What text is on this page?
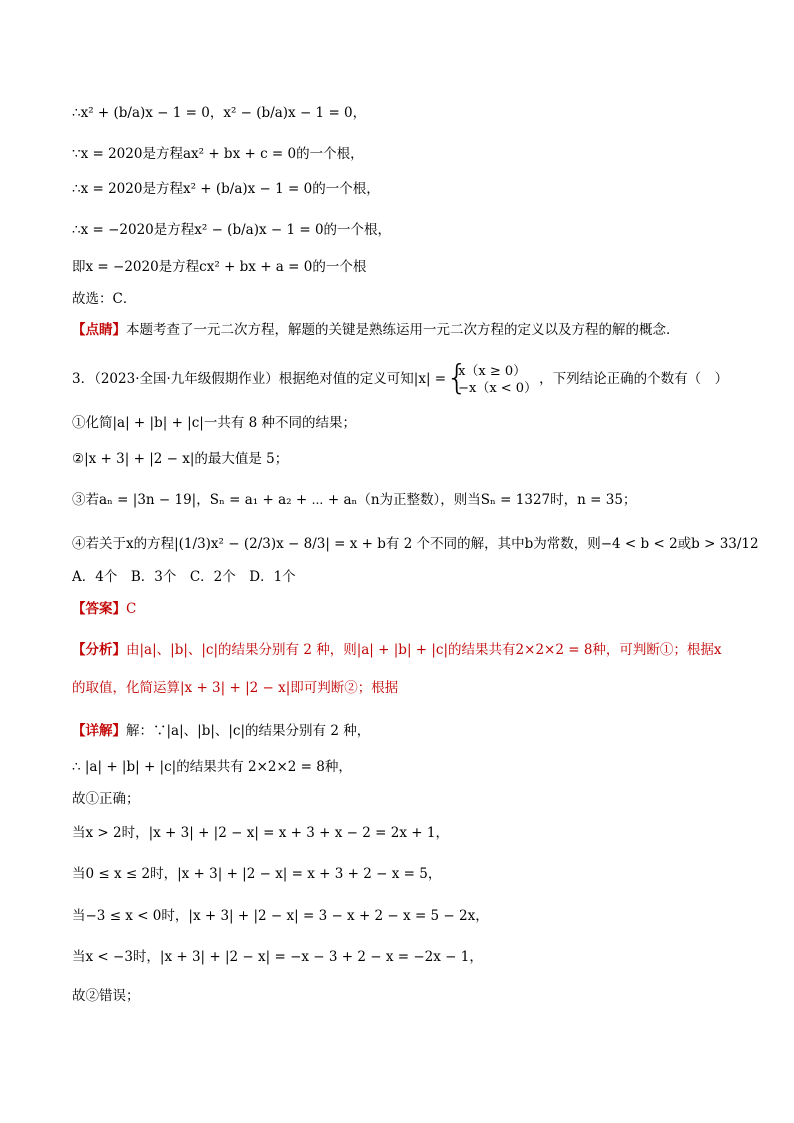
∴x² + (b/a)x − 1 = 0，x² − (b/a)x − 1 = 0，
∵x = 2020是方程ax² + bx + c = 0的一个根，
∴x = 2020是方程x² + (b/a)x − 1 = 0的一个根，
∴x = −2020是方程x² − (b/a)x − 1 = 0的一个根，
即x = −2020是方程cx² + bx + a = 0的一个根
故选：C．
【点睛】本题考查了一元二次方程，解题的关键是熟练运用一元二次方程的定义以及方程的解的概念．
3．（2023·全国·九年级假期作业）根据绝对值的定义可知|x| =
{ x（x ≥ 0）
−x（x < 0）
，下列结论正确的个数有（　）
①化简|a| + |b| + |c|一共有 8 种不同的结果；
②|x + 3| + |2 − x|的最大值是 5；
③若aₙ = |3n − 19|，Sₙ = a₁ + a₂ + ⋯ + aₙ（n为正整数），则当Sₙ = 1327时，n = 35；
④若关于x的方程|(1/3)x² − (2/3)x − 8/3| = x + b有 2 个不同的解，其中b为常数，则−4 < b < 2或b > 33/12
A．4个　B．3个　C．2个　D．1个
【答案】C
【分析】由|a|、|b|、|c|的结果分别有 2 种，则|a| + |b| + |c|的结果共有2×2×2 = 8种，可判断①；根据x
的取值，化简运算|x + 3| + |2 − x|即可判断②；根据
【详解】解：∵|a|、|b|、|c|的结果分别有 2 种，
∴ |a| + |b| + |c|的结果共有 2×2×2 = 8种，
故①正确；
当x > 2时，|x + 3| + |2 − x| = x + 3 + x − 2 = 2x + 1，
当0 ≤ x ≤ 2时，|x + 3| + |2 − x| = x + 3 + 2 − x = 5，
当−3 ≤ x < 0时，|x + 3| + |2 − x| = 3 − x + 2 − x = 5 − 2x，
当x < −3时，|x + 3| + |2 − x| = −x − 3 + 2 − x = −2x − 1，
故②错误；
